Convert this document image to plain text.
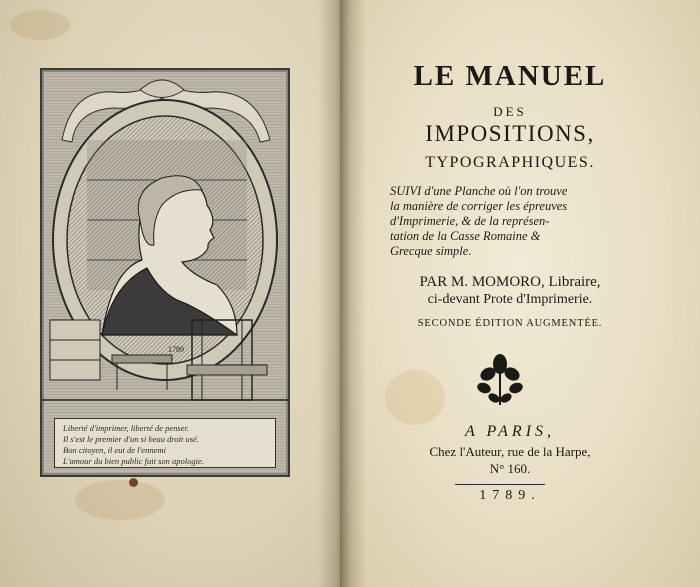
1789
Liberté d'imprimer, liberté de penser.
Il s'est le premier d'un si beau droit usé.
Bon citoyen, il eut de l'ennemi
L'amour du bien public fait son apologie.
LE MANUEL
DES
IMPOSITIONS,
TYPOGRAPHIQUES.
SUIVI d'une Planche où l'on trouve
la manière de corriger les épreuves
d'Imprimerie, & de la représen-
tation de la Casse Romaine &
Grecque simple.
PAR M. MOMORO, Libraire,
ci-devant Prote d'Imprimerie.
SECONDE ÉDITION AUGMENTÉE.
A PARIS,
Chez l'Auteur, rue de la Harpe,
N° 160.
1789.
